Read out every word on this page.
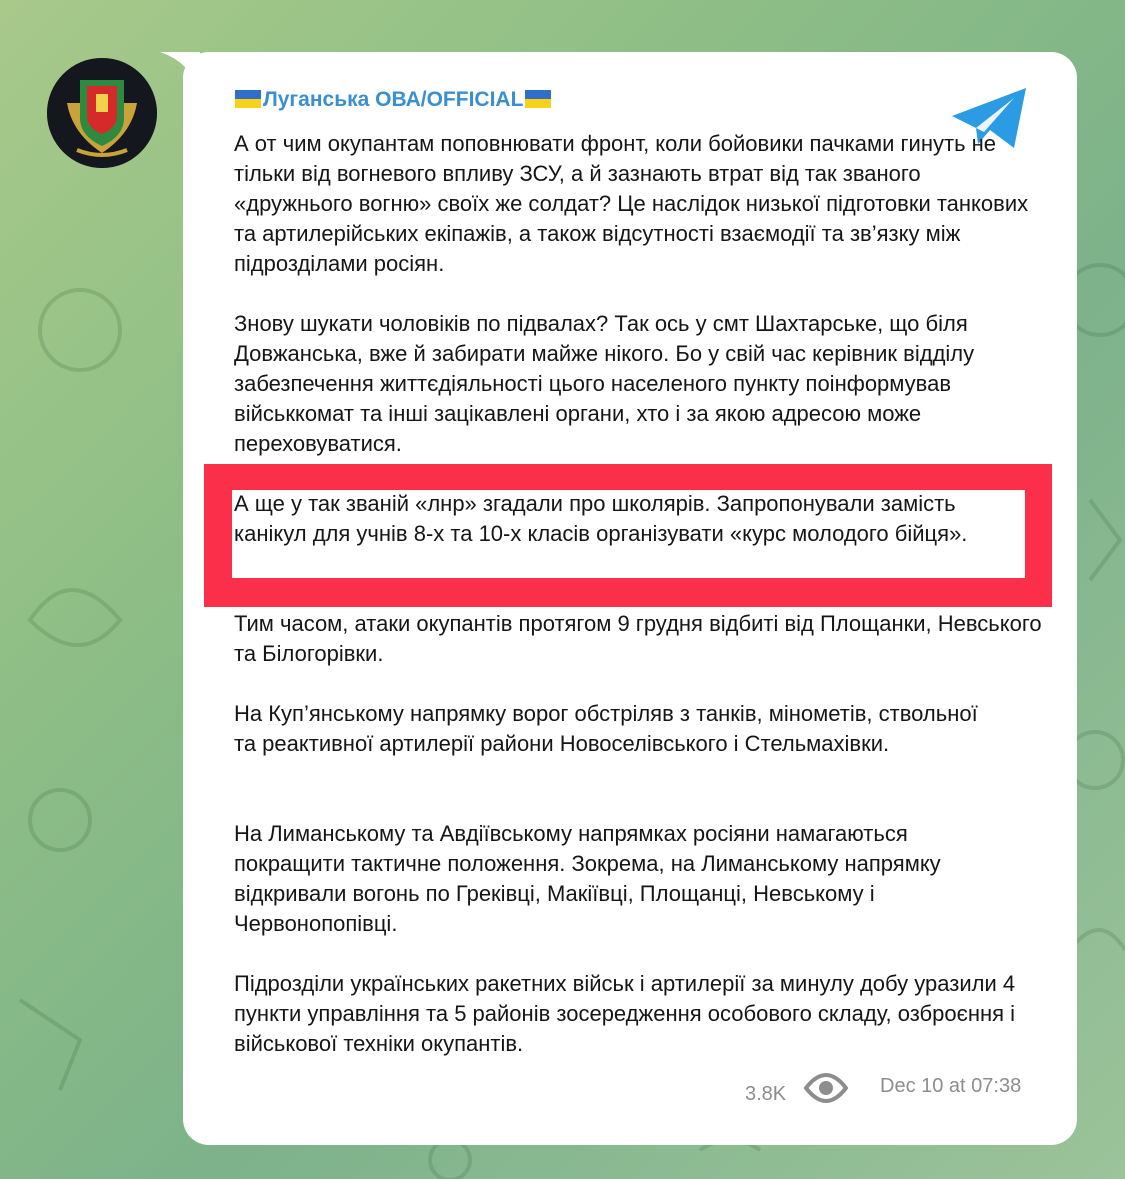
Луганська ОВА/OFFICIAL

А от чим окупантам поповнювати фронт, коли бойовики пачками гинуть не тільки від вогневого впливу ЗСУ, а й зазнають втрат від так званого «дружнього вогню» своїх же солдат? Це наслідок низької підготовки танкових та артилерійських екіпажів, а також відсутності взаємодії та зв’язку між підрозділами росіян.

Знову шукати чоловіків по підвалах? Так ось у смт Шахтарське, що біля Довжанська, вже й забирати майже нікого. Бо у свій час керівник відділу забезпечення життєдіяльності цього населеного пункту поінформував військкомат та інші зацікавлені органи, хто і за якою адресою може переховуватися.

А ще у так званій «лнр» згадали про школярів. Запропонували замість канікул для учнів 8-х та 10-х класів організувати «курс молодого бійця».

Тим часом, атаки окупантів протягом 9 грудня відбиті від Площанки, Невського та Білогорівки.

На Куп’янському напрямку ворог обстріляв з танків, мінометів, ствольної та реактивної артилерії райони Новоселівського і Стельмахівки.

На Лиманському та Авдіївському напрямках росіяни намагаються покращити тактичне положення. Зокрема, на Лиманському напрямку відкривали вогонь по Греківці, Макіївці, Площанці, Невському і Червонопопівці.

Підрозділи українських ракетних військ і артилерії за минулу добу уразили 4 пункти управління та 5 районів зосередження особового складу, озброєння і військової техніки окупантів.

3.8K	Dec 10 at 07:38
